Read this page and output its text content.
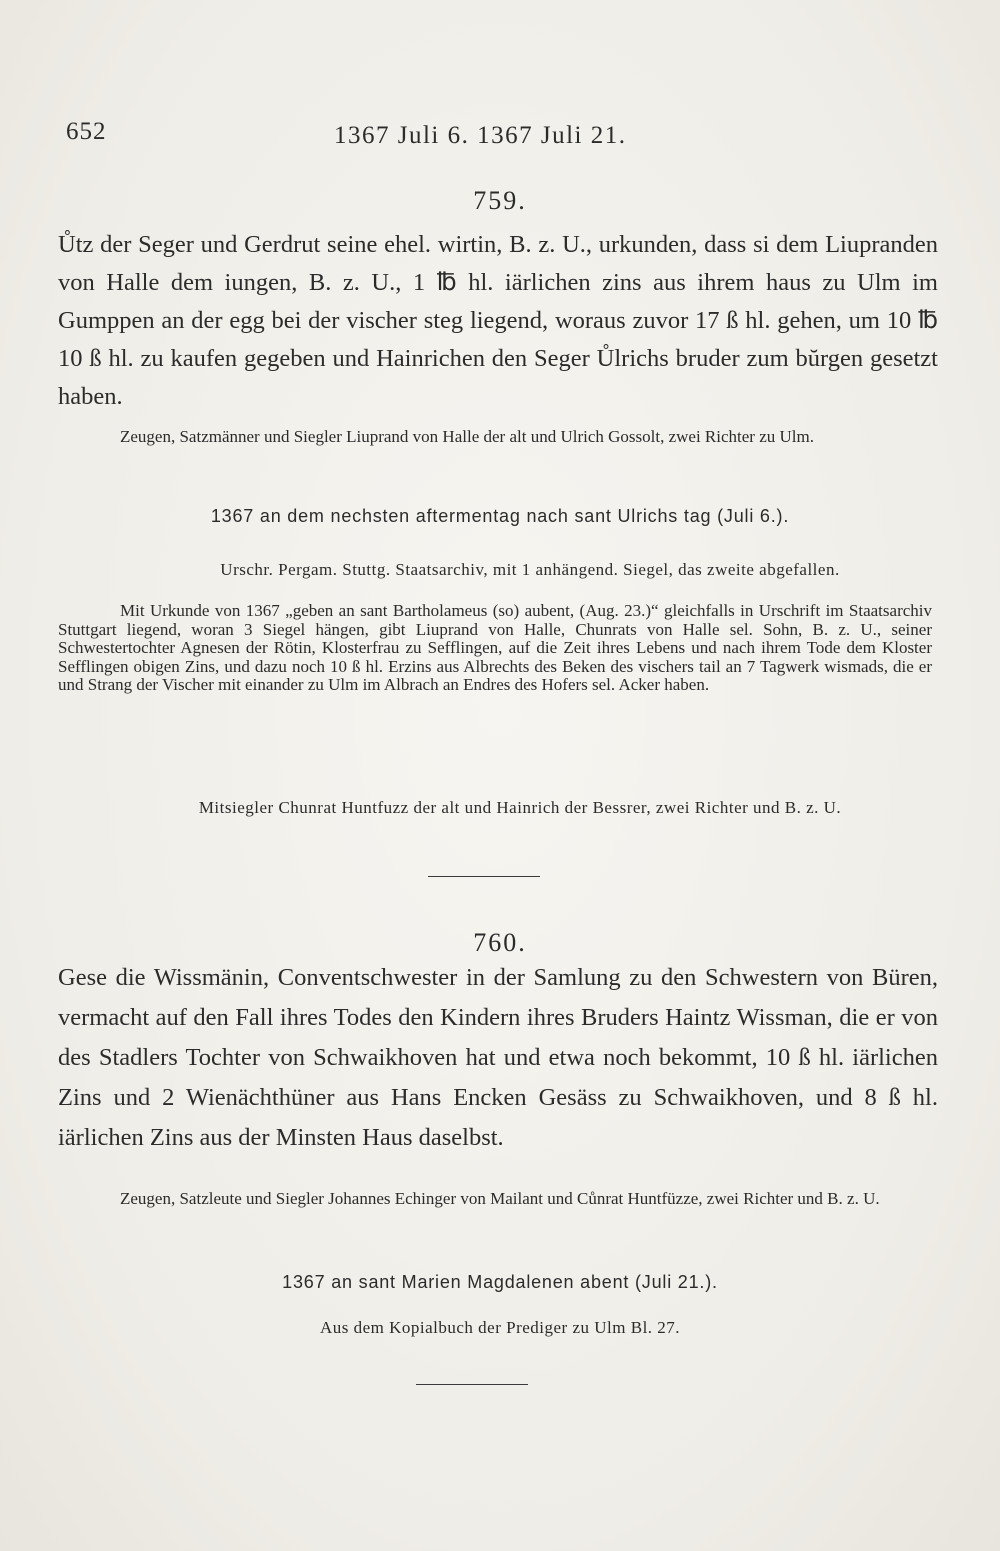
652	1367 Juli 6. 1367 Juli 21.
759.
Ůtz der Seger und Gerdrut seine ehel. wirtin, B. z. U., urkunden, dass si dem Liupranden von Halle dem iungen, B. z. U., 1 ℔ hl. iärlichen zins aus ihrem haus zu Ulm im Gumppen an der egg bei der vischer steg liegend, woraus zuvor 17 ß hl. gehen, um 10 ℔ 10 ß hl. zu kaufen gegeben und Hainrichen den Seger Ůlrichs bruder zum bŭrgen gesetzt haben.

Zeugen, Satzmänner und Siegler Liuprand von Halle der alt und Ulrich Gossolt, zwei Richter zu Ulm.

1367 an dem nechsten aftermentag nach sant Ulrichs tag (Juli 6.).
Urschr. Pergam. Stuttg. Staatsarchiv, mit 1 anhängend. Siegel, das zweite abgefallen.

Mit Urkunde von 1367 „geben an sant Bartholameus (so) aubent, (Aug. 23.)“ gleichfalls in Urschrift im Staatsarchiv Stuttgart liegend, woran 3 Siegel hängen, gibt Liuprand von Halle, Chunrats von Halle sel. Sohn, B. z. U., seiner Schwestertochter Agnesen der Rötin, Klosterfrau zu Sefflingen, auf die Zeit ihres Lebens und nach ihrem Tode dem Kloster Sefflingen obigen Zins, und dazu noch 10 ß hl. Erzins aus Albrechts des Beken des vischers tail an 7 Tagwerk wismads, die er und Strang der Vischer mit einander zu Ulm im Albrach an Endres des Hofers sel. Acker haben.

Mitsiegler Chunrat Huntfuzz der alt und Hainrich der Bessrer, zwei Richter und B. z. U.
760.
Gese die Wissmänin, Conventschwester in der Samlung zu den Schwestern von Büren, vermacht auf den Fall ihres Todes den Kindern ihres Bruders Haintz Wissman, die er von des Stadlers Tochter von Schwaikhoven hat und etwa noch bekommt, 10 ß hl. iärlichen Zins und 2 Wienächthüner aus Hans Encken Gesäss zu Schwaikhoven, und 8 ß hl. iärlichen Zins aus der Minsten Haus daselbst.

Zeugen, Satzleute und Siegler Johannes Echinger von Mailant und Cůnrat Huntfüzze, zwei Richter und B. z. U.

1367 an sant Marien Magdalenen abent (Juli 21.).
Aus dem Kopialbuch der Prediger zu Ulm Bl. 27.
